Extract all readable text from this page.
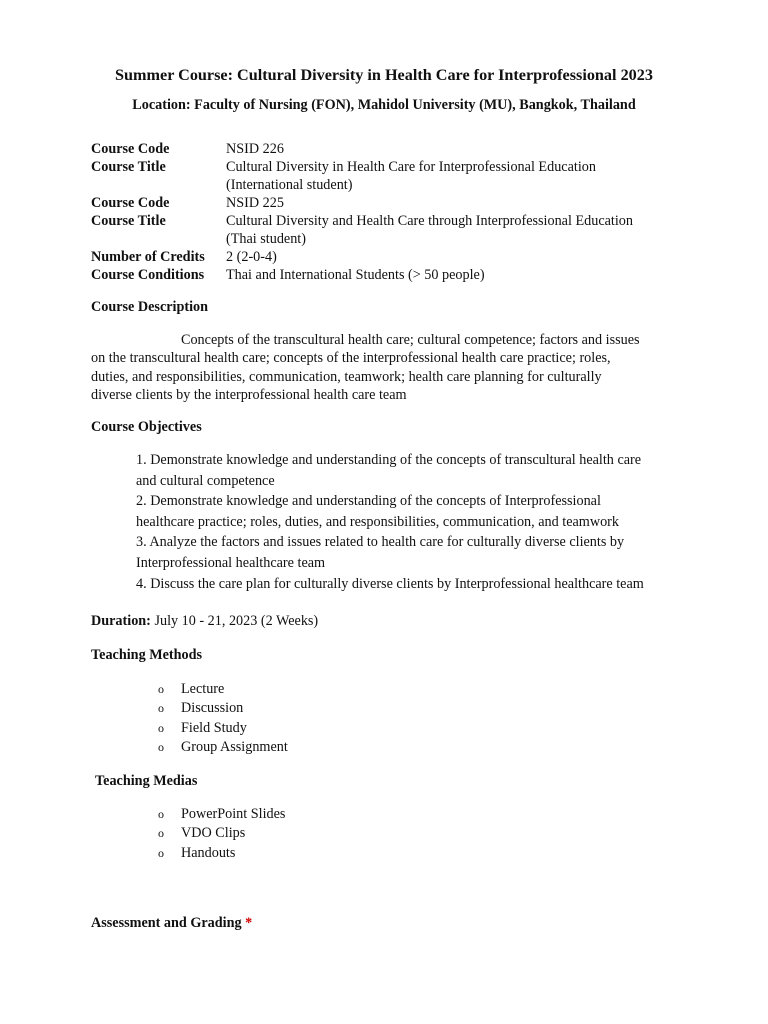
Summer Course: Cultural Diversity in Health Care for Interprofessional 2023
Location: Faculty of Nursing (FON), Mahidol University (MU), Bangkok, Thailand
Course Code	NSID 226
Course Title	Cultural Diversity in Health Care for Interprofessional Education
(International student)
Course Code	NSID 225
Course Title	Cultural Diversity and Health Care through Interprofessional Education
(Thai student)
Number of Credits	2 (2-0-4)
Course Conditions	Thai and International Students (> 50 people)
Course Description
Concepts of the transcultural health care; cultural competence; factors and issues
on the transcultural health care; concepts of the interprofessional health care practice; roles,
duties, and responsibilities, communication, teamwork; health care planning for culturally
diverse clients by the interprofessional health care team
Course Objectives
1. Demonstrate knowledge and understanding of the concepts of transcultural health care
and cultural competence
2. Demonstrate knowledge and understanding of the concepts of Interprofessional
healthcare practice; roles, duties, and responsibilities, communication, and teamwork
3. Analyze the factors and issues related to health care for culturally diverse clients by
Interprofessional healthcare team
4. Discuss the care plan for culturally diverse clients by Interprofessional healthcare team
Duration: July 10 - 21, 2023 (2 Weeks)
Teaching Methods
o	Lecture
o	Discussion
o	Field Study
o	Group Assignment
Teaching Medias
o	PowerPoint Slides
o	VDO Clips
o	Handouts
Assessment and Grading *
